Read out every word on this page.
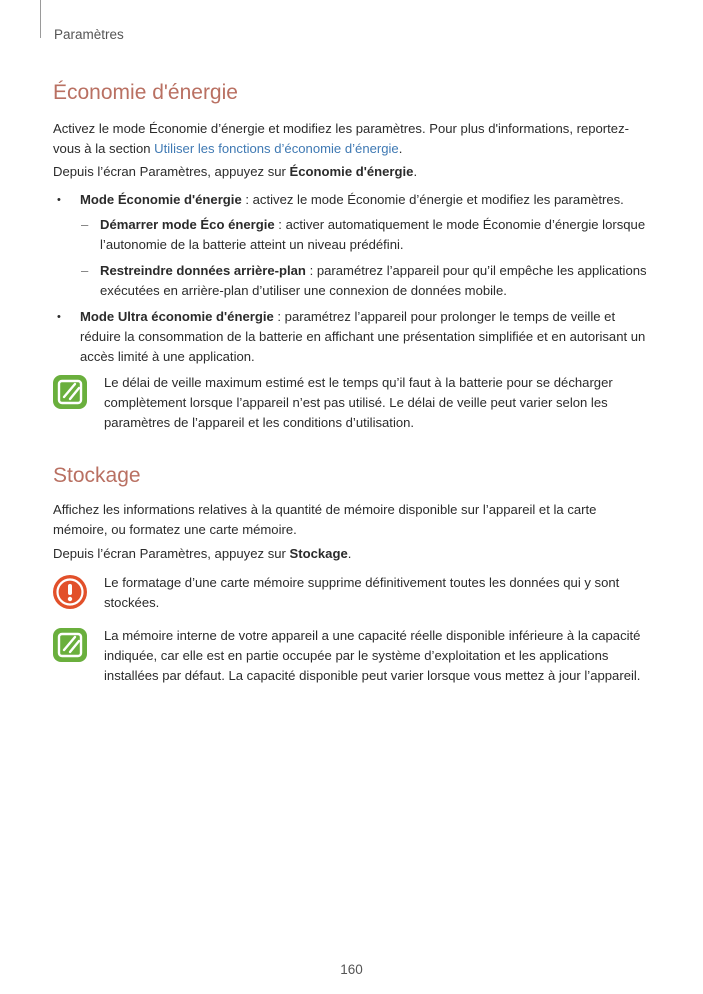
Paramètres
Économie d'énergie

Activez le mode Économie d’énergie et modifiez les paramètres. Pour plus d'informations, reportez-vous à la section Utiliser les fonctions d’économie d’énergie.

Depuis l’écran Paramètres, appuyez sur Économie d'énergie.

• Mode Économie d'énergie : activez le mode Économie d’énergie et modifiez les paramètres.
– Démarrer mode Éco énergie : activer automatiquement le mode Économie d’énergie lorsque l’autonomie de la batterie atteint un niveau prédéfini.
– Restreindre données arrière-plan : paramétrez l’appareil pour qu’il empêche les applications exécutées en arrière-plan d’utiliser une connexion de données mobile.
• Mode Ultra économie d'énergie : paramétrez l’appareil pour prolonger le temps de veille et réduire la consommation de la batterie en affichant une présentation simplifiée et en autorisant un accès limité à une application.
Le délai de veille maximum estimé est le temps qu’il faut à la batterie pour se décharger complètement lorsque l’appareil n’est pas utilisé. Le délai de veille peut varier selon les paramètres de l’appareil et les conditions d’utilisation.
Stockage

Affichez les informations relatives à la quantité de mémoire disponible sur l’appareil et la carte mémoire, ou formatez une carte mémoire.

Depuis l’écran Paramètres, appuyez sur Stockage.

Le formatage d’une carte mémoire supprime définitivement toutes les données qui y sont stockées.
La mémoire interne de votre appareil a une capacité réelle disponible inférieure à la capacité indiquée, car elle est en partie occupée par le système d’exploitation et les applications installées par défaut. La capacité disponible peut varier lorsque vous mettez à jour l’appareil.
160
